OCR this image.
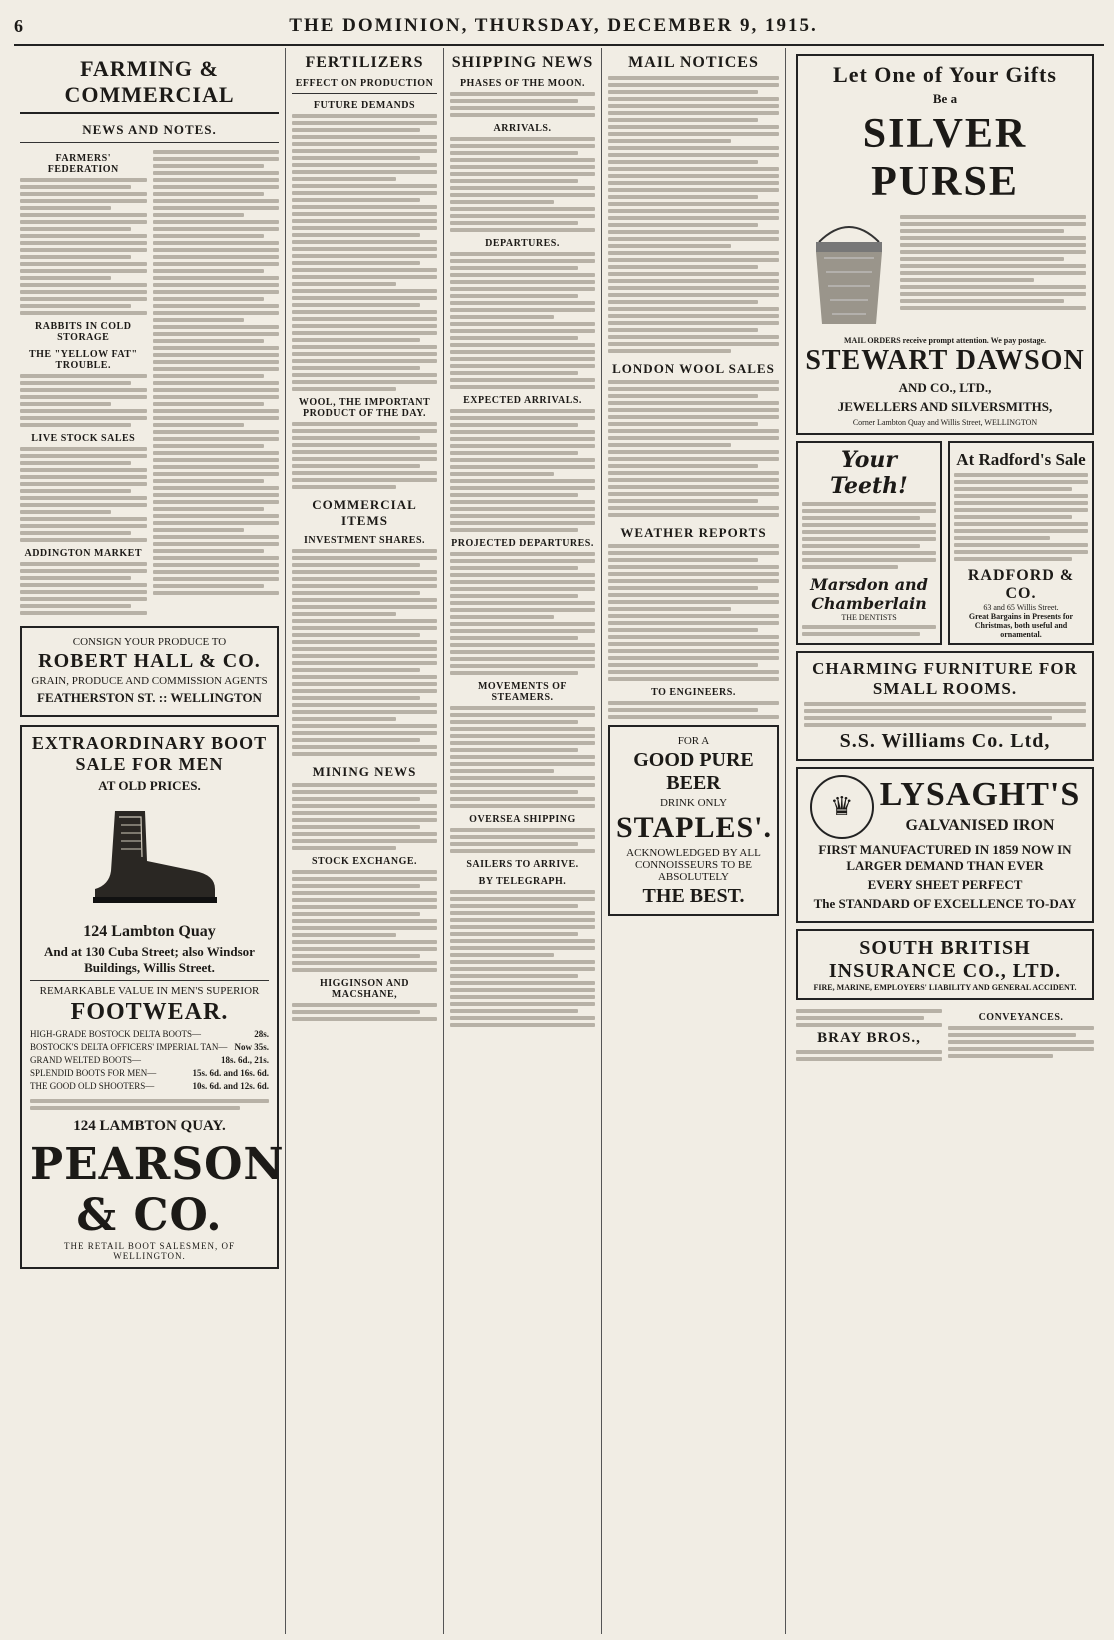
6	THE DOMINION, THURSDAY, DECEMBER 9, 1915.
FARMING & COMMERCIAL
NEWS AND NOTES.
FARMERS' FEDERATION
RABBITS IN COLD STORAGE
THE "YELLOW FAT" TROUBLE.
LIVE STOCK SALES
ADDINGTON MARKET
CONSIGN YOUR PRODUCE TO
ROBERT HALL & CO.
GRAIN, PRODUCE AND COMMISSION AGENTS
FEATHERSTON ST. :: WELLINGTON
EXTRAORDINARY BOOT SALE FOR MEN
AT OLD PRICES.
124 Lambton Quay
And at 130 Cuba Street; also Windsor Buildings, Willis Street.
REMARKABLE VALUE IN MEN'S SUPERIOR
FOOTWEAR.
HIGH-GRADE BOSTOCK DELTA BOOTS—	28s.
BOSTOCK'S DELTA OFFICERS' IMPERIAL TAN— Now 35s.
GRAND WELTED BOOTS—	18s. 6d., 21s.
SPLENDID BOOTS FOR MEN—	15s. 6d. and 16s. 6d.
THE GOOD OLD SHOOTERS—	10s. 6d. and 12s. 6d.
124 LAMBTON QUAY.
PEARSON & CO.
THE RETAIL BOOT SALESMEN, OF WELLINGTON.
FERTILIZERS
EFFECT ON PRODUCTION
FUTURE DEMANDS
WOOL, THE IMPORTANT PRODUCT OF THE DAY.
COMMERCIAL ITEMS
INVESTMENT SHARES.
MINING NEWS
STOCK EXCHANGE.
HIGGINSON AND MACSHANE,
SHIPPING NEWS
PHASES OF THE MOON.
ARRIVALS.
DEPARTURES.
EXPECTED ARRIVALS.
PROJECTED DEPARTURES.
MOVEMENTS OF STEAMERS.
OVERSEA SHIPPING
SAILERS TO ARRIVE.
BY TELEGRAPH.
MAIL NOTICES
LONDON WOOL SALES
WEATHER REPORTS
TO ENGINEERS.
FOR A
GOOD PURE BEER
DRINK ONLY
STAPLES'.
ACKNOWLEDGED BY ALL CONNOISSEURS TO BE ABSOLUTELY
THE BEST.
Let One of Your Gifts
Be a
SILVER PURSE
MAIL ORDERS receive prompt attention. We pay postage.
STEWART DAWSON
AND CO., LTD.,
JEWELLERS AND SILVERSMITHS,
Corner Lambton Quay and Willis Street, WELLINGTON
Your Teeth!
Marsdon and Chamberlain
THE DENTISTS
At Radford's Sale
RADFORD & CO.
63 and 65 Willis Street.
Great Bargains in Presents for Christmas, both useful and ornamental.
CHARMING FURNITURE FOR SMALL ROOMS.
S.S. Williams Co. Ltd,
♛ LYSAGHT'S
GALVANISED IRON
FIRST MANUFACTURED IN 1859 NOW IN LARGER DEMAND THAN EVER
EVERY SHEET PERFECT
The STANDARD OF EXCELLENCE TO-DAY
SOUTH BRITISH INSURANCE CO., LTD.
FIRE, MARINE, EMPLOYERS' LIABILITY AND GENERAL ACCIDENT.
BRAY BROS.,
CONVEYANCES.
